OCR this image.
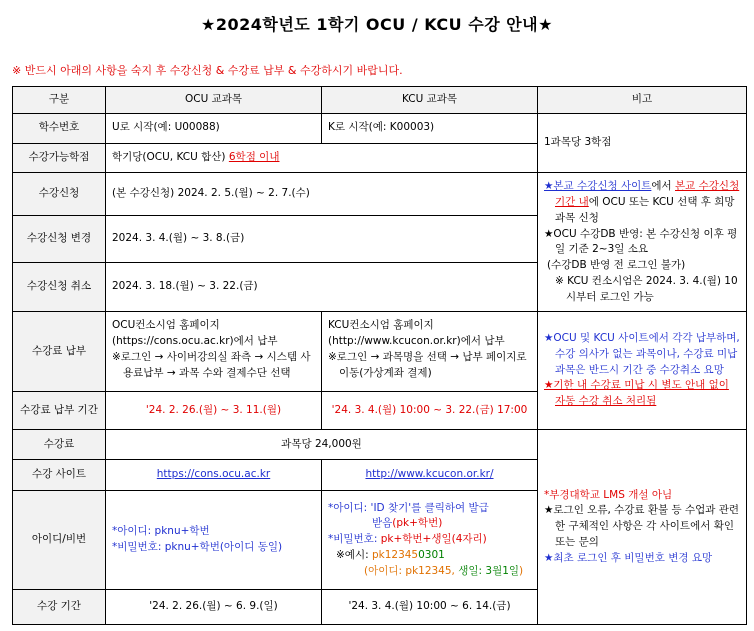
★2024학년도 1학기 OCU / KCU 수강 안내★
※ 반드시 아래의 사항을 숙지 후 수강신청 & 수강료 납부 & 수강하시기 바랍니다.
구분	OCU 교과목	KCU 교과목	비고
학수번호	U로 시작(예: U00088)	K로 시작(예: K00003)	1과목당 3학점
수강가능학점	학기당(OCU, KCU 합산) 6학점 이내		
수강신청	(본 수강신청) 2024. 2. 5.(월) ~ 2. 7.(수)		★본교 수강신청 사이트에서 본교 수강신청 기간 내에 OCU 또는 KCU 선택 후 희망 과목 신청
★OCU 수강DB 반영: 본 수강신청 이후 평일 기준 2~3일 소요
(수강DB 반영 전 로그인 불가)
※ KCU 컨소시엄은 2024. 3. 4.(월) 10시부터 로그인 가능

수강신청 변경	2024. 3. 4.(월) ~ 3. 8.(금)		
수강신청 취소	2024. 3. 18.(월) ~ 3. 22.(금)		
수강료 납부	OCU컨소시엄 홈페이지
(https://cons.ocu.ac.kr)에서 납부
※로그인 → 사이버강의실 좌측 → 시스템 사용료납부 → 과목 수와 결제수단 선택	KCU컨소시엄 홈페이지
(http://www.kcucon.or.kr)에서 납부
※로그인 → 과목명을 선택 → 납부 페이지로 이동(가상계좌 결제)	★OCU 및 KCU 사이트에서 각각 납부하며, 수강 의사가 없는 과목이나, 수강료 미납 과목은 반드시 기간 중 수강취소 요망
★기한 내 수강료 미납 시 별도 안내 없이 자동 수강 취소 처리됨

수강료 납부 기간	'24. 2. 26.(월) ~ 3. 11.(월)	'24. 3. 4.(월) 10:00 ~ 3. 22.(금) 17:00	
수강료	과목당 24,000원		*부경대학교 LMS 개설 아님
★로그인 오류, 수강료 환불 등 수업과 관련한 구체적인 사항은 각 사이트에서 확인 또는 문의
★최초 로그인 후 비밀번호 변경 요망

수강 사이트	https://cons.ocu.ac.kr	http://www.kcucon.or.kr/	
아이디/비번	*아이디: pknu+학번
*비밀번호: pknu+학번(아이디 동일)	*아이디: 'ID 찾기'를 클릭하여 발급
받음(pk+학번)
*비밀번호: pk+학번+생일(4자리)
※예시: pk123450301
(아이디: pk12345, 생일: 3월1일)	

수강 기간	'24. 2. 26.(월) ~ 6. 9.(일)	'24. 3. 4.(월) 10:00 ~ 6. 14.(금)	
